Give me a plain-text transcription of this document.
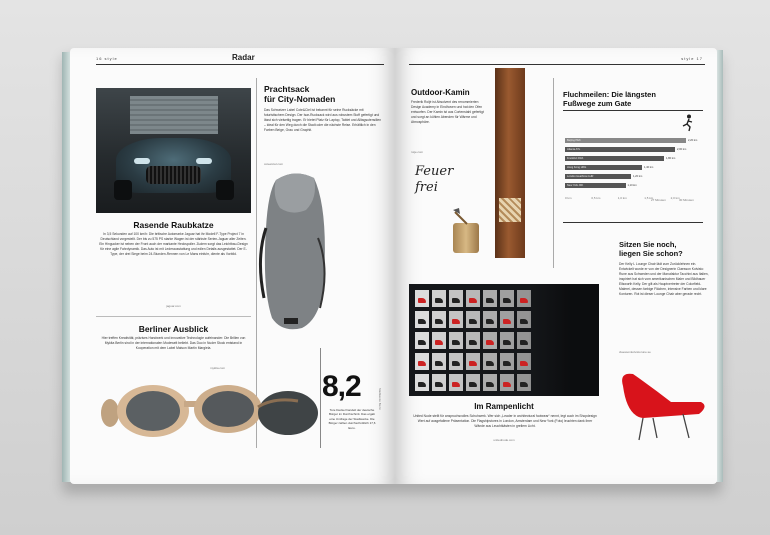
16 style	Radar
Rasende Raubkatze
In 3,5 Sekunden auf 100 km/h: Die britische Automarke Jaguar hat ihr Modell F-Type Project 7 in Deutschland vorgestellt. Der bis zu 575 PS starke Wagen ist der stärkste Serien-Jaguar aller Zeiten. Ein Hingucker ist neben der Front auch der markante Heckspoiler. Zudem sorgt das Leichtbau-Design für eine agile Fahrdynamik. Das Auto ist mit Lederausstattung und edlen Details ausgestattet. Der E-Type, der drei Siege beim 24-Stunden-Rennen von Le Mans einfuhr, diente als Vorbild.
jaguar.com
Prachtsack
für City-Nomaden
Das Schweizer Label Cote&Ciel ist bekannt für seine Rucksäcke mit futuristischem Design. Der Isar-Rucksack wird aus robustem Stoff gefertigt und lässt sich vielseitig tragen. Er bietet Platz für Laptop, Tablet und Alltagsutensilien – ideal für den Weg durch die Stadt oder die nächste Reise. Erhältlich in den Farben Beige, Grau und Graphit.
coteetciel.com
Berliner Ausblick
Hier treffen Kreativität, präzises Handwerk und innovative Technologie aufeinander: Die Brillen von Mykita Berlin sind in der internationalen Modewelt beliebt. Das Duo in Nuder Stock entstand in Kooperation mit dem Label Maison Martin Margiela.
mykita.com
8,2
Tore Deckel handelt der deutsche Bürger im Durchschnitt. Das ergab eine Umfrage der Stadtwerke. Die Bürger zahlen durchschnittlich 17,6 Euro.
Stadtwerke Berlin
style 17
Outdoor-Kamin
Frederik Roijé ist Absolvent des renommierten Design Academy in Eindhoven und hat den Ofen entworfen. Der Kamin ist aus Cortenstahl gefertigt und sorgt an kühlen Abenden für Wärme und Atmosphäre.
roije.com
Feuer frei
Fluchmeilen: Die längsten
Fußwege zum Gate
Beijing PEK	2,20 km
Atlanta ATL	2,00 km
Frankfurt FRA	1,80 km
Hong Kong HKG	1,40 km
London Heathrow LHR	1,20 km
New York JFK	1,10 km
0 km	0,5 km	1,0 km	1,5 km	2,0 km
27 Minuten	30 Minuten
Sitzen Sie noch,
liegen Sie schon?
Der Kelly L Lounge Chair lädt zum Zurücklehnen ein. Entwickelt wurde er von der Designerin Claesson Koivisto Rune aus Schweden und der Manufaktur Tacchini aus Italien, inspiriert hat sich vom amerikanischen Maler und Bildhauer Ellsworth Kelly. Der gilt als Hauptvertreter der Colorfield-Malerei, dessen farbige Flächen, intensive Farben und klare Konturen. Rot ist dieser Lounge Chair aber gerade recht.
claessonkoivistorune.se
Im Rampenlicht
United Nude stellt für anspruchsvolles Schuhwerk. Wer sich „Leader in architectural footwear“ nennt, legt auch im Shopdesign Wert auf ausgefallene Präsentation. Die Flagshipstores in London, Amsterdam und New York (Foto) leuchten dank ihrer Wände aus Leuchtkästen in grellem Licht.
unitednude.com
